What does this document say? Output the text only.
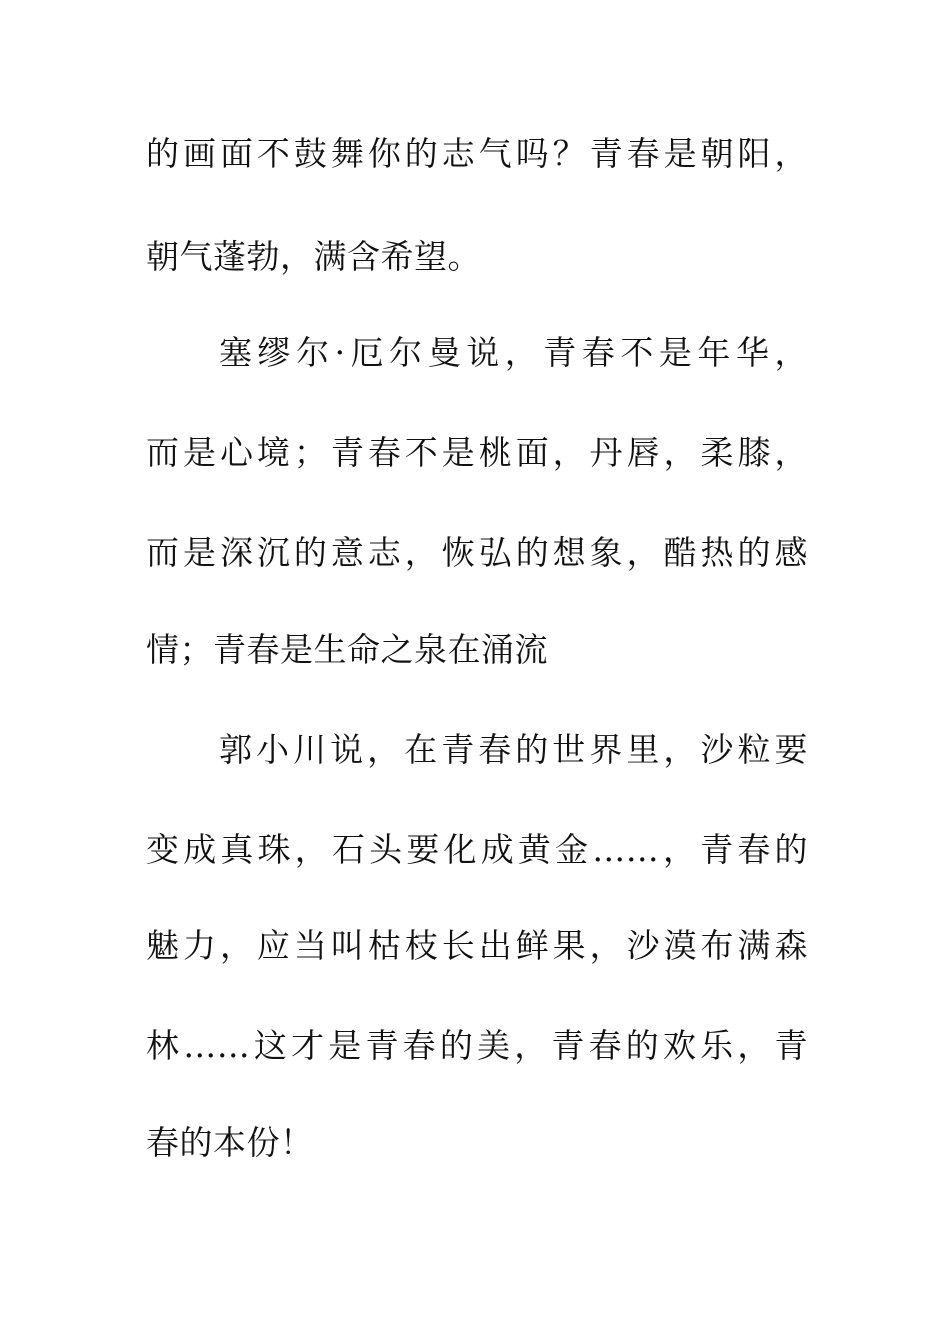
的画面不鼓舞你的志气吗？青春是朝阳，
朝气蓬勃，满含希望。
塞缪尔·厄尔曼说，青春不是年华，
而是心境；青春不是桃面，丹唇，柔膝，
而是深沉的意志，恢弘的想象，酷热的感
情；青春是生命之泉在涌流
郭小川说，在青春的世界里，沙粒要
变成真珠，石头要化成黄金……，青春的
魅力，应当叫枯枝长出鲜果，沙漠布满森
林……这才是青春的美，青春的欢乐，青
春的本份！
